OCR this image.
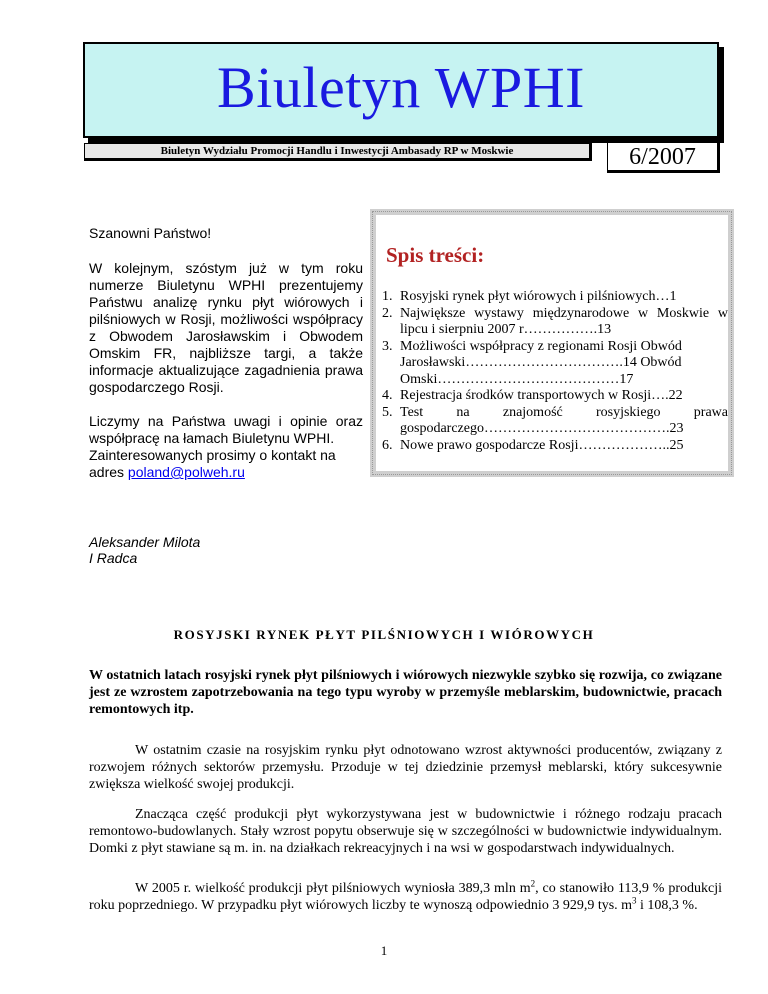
Biuletyn WPHI
Biuletyn Wydziału Promocji Handlu i Inwestycji Ambasady RP w Moskwie	6/2007

Szanowni Państwo!

W kolejnym, szóstym już w tym roku numerze Biuletynu WPHI prezentujemy Państwu analizę rynku płyt wiórowych i pilśniowych w Rosji, możliwości współpracy z Obwodem Jarosławskim i Obwodem Omskim FR, najbliższe targi, a także informacje aktualizujące zagadnienia prawa gospodarczego Rosji.

Liczymy na Państwa uwagi i opinie oraz współpracę na łamach Biuletynu WPHI.

Zainteresowanych prosimy o kontakt na

adres poland@polweh.ru

Spis treści:
1. Rosyjski rynek płyt wiórowych i pilśniowych…1
2. Największe wystawy międzynarodowe w Moskwie w lipcu i sierpniu 2007 r…………….13
3. Możliwości współpracy z regionami Rosji Obwód Jarosławski…………………………….14 Obwód Omski…………………………………17
4. Rejestracja środków transportowych w Rosji….22
5. Test na znajomość rosyjskiego prawa gospodarczego………………………………….23
6. Nowe prawo gospodarcze Rosji………………..25
Aleksander Milota
I Radca
ROSYJSKI RYNEK PŁYT PILŚNIOWYCH I WIÓROWYCH
W ostatnich latach rosyjski rynek płyt pilśniowych i wiórowych niezwykle szybko się rozwija, co związane jest ze wzrostem zapotrzebowania na tego typu wyroby w przemyśle meblarskim, budownictwie, pracach remontowych itp.
W ostatnim czasie na rosyjskim rynku płyt odnotowano wzrost aktywności producentów, związany z rozwojem różnych sektorów przemysłu. Przoduje w tej dziedzinie przemysł meblarski, który sukcesywnie zwiększa wielkość swojej produkcji.
Znacząca część produkcji płyt wykorzystywana jest w budownictwie i różnego rodzaju pracach remontowo-budowlanych. Stały wzrost popytu obserwuje się w szczególności w budownictwie indywidualnym. Domki z płyt stawiane są m. in. na działkach rekreacyjnych i na wsi w gospodarstwach indywidualnych.
W 2005 r. wielkość produkcji płyt pilśniowych wyniosła 389,3 mln $m^2$, co stanowiło 113,9 % produkcji roku poprzedniego. W przypadku płyt wiórowych liczby te wynoszą odpowiednio 3 929,9 tys. $m^3$ i 108,3 %.
1
